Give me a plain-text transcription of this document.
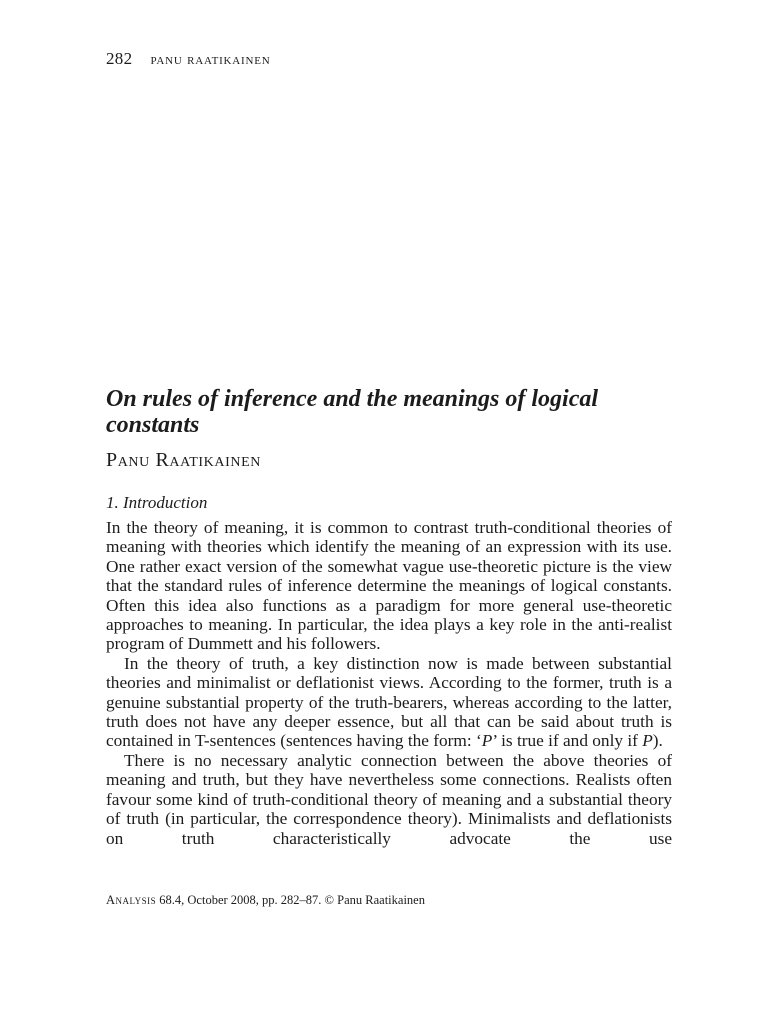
282 panu raatikainen
On rules of inference and the meanings of logical constants
Panu Raatikainen
1. Introduction

In the theory of meaning, it is common to contrast truth-conditional theories of meaning with theories which identify the meaning of an expression with its use. One rather exact version of the somewhat vague use-theoretic picture is the view that the standard rules of inference determine the meanings of logical constants. Often this idea also functions as a paradigm for more general use-theoretic approaches to meaning. In particular, the idea plays a key role in the anti-realist program of Dummett and his followers.

In the theory of truth, a key distinction now is made between substantial theories and minimalist or deflationist views. According to the former, truth is a genuine substantial property of the truth-bearers, whereas according to the latter, truth does not have any deeper essence, but all that can be said about truth is contained in T-sentences (sentences having the form: ‘P’ is true if and only if P).

There is no necessary analytic connection between the above theories of meaning and truth, but they have nevertheless some connections. Realists often favour some kind of truth-conditional theory of meaning and a substantial theory of truth (in particular, the correspondence theory). Minimalists and deflationists on truth characteristically advocate the use

Analysis 68.4, October 2008, pp. 282–87. © Panu Raatikainen
